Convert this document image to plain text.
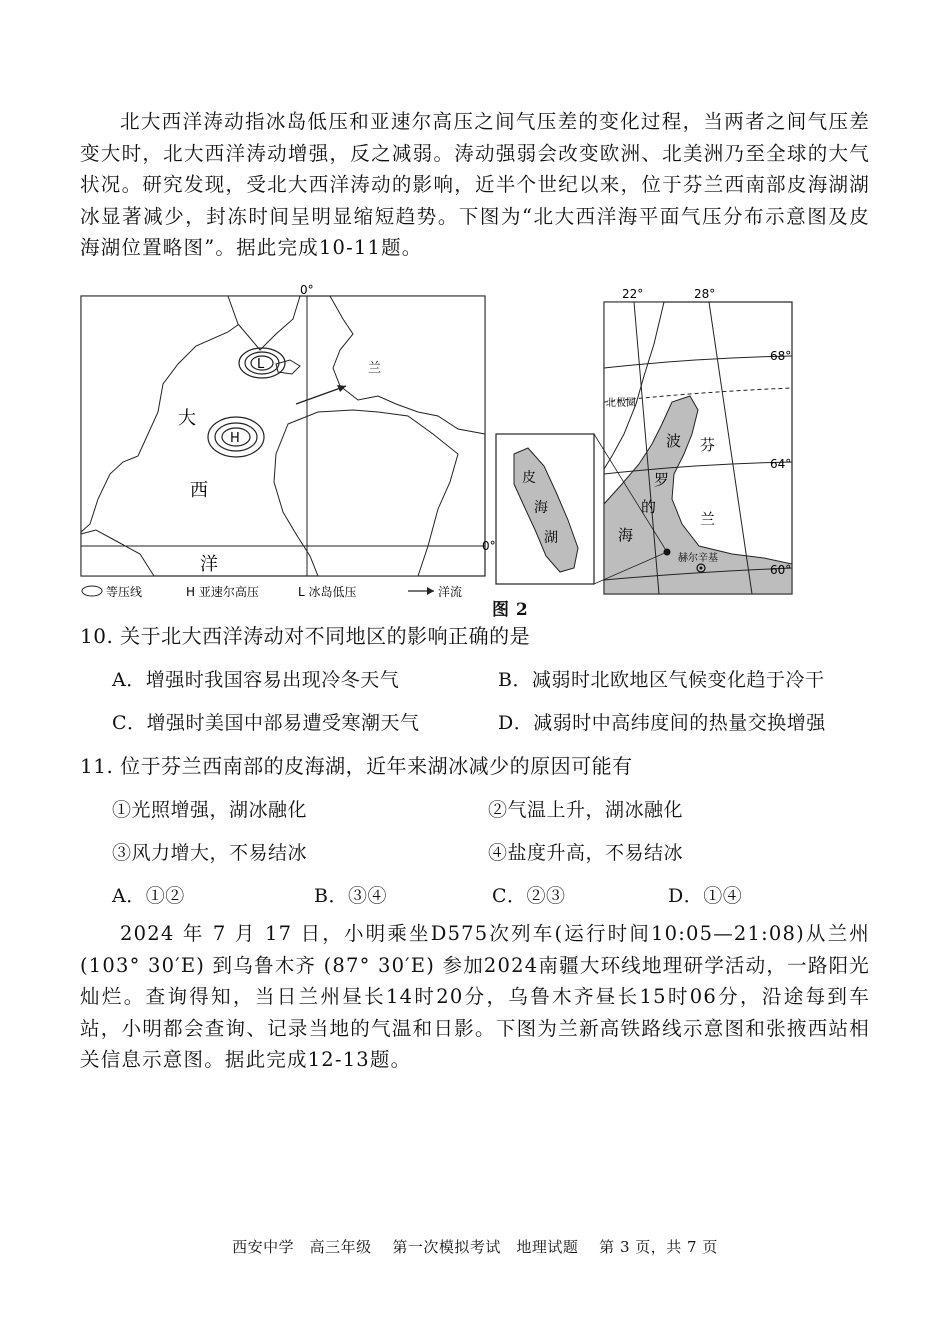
北大西洋涛动指冰岛低压和亚速尔高压之间气压差的变化过程，当两者之间气压差变大时，北大西洋涛动增强，反之减弱。涛动强弱会改变欧洲、北美洲乃至全球的大气状况。研究发现，受北大西洋涛动的影响，近半个世纪以来，位于芬兰西南部皮海湖湖冰显著减少，封冻时间呈明显缩短趋势。下图为“北大西洋海平面气压分布示意图及皮海湖位置略图”。据此完成10-11题。

0°
0°
L
H
大
西
洋
兰
等压线	H 亚速尔高压	L 冰岛低压	洋流
北极圈
22°	28°
68°
64°
60°
波
罗
的
海
芬
兰
赫尔辛基
皮
海
湖
图 2
10. 关于北大西洋涛动对不同地区的影响正确的是
A．增强时我国容易出现冷冬天气	B．减弱时北欧地区气候变化趋于冷干
C．增强时美国中部易遭受寒潮天气	D．减弱时中高纬度间的热量交换增强
11. 位于芬兰西南部的皮海湖，近年来湖冰减少的原因可能有
①光照增强，湖冰融化	②气温上升，湖冰融化
③风力增大，不易结冰	④盐度升高，不易结冰
A．①②	B．③④	C．②③	D．①④

2024 年 7 月 17 日，小明乘坐D575次列车(运行时间10:05—21:08)从兰州(103° 30′E) 到乌鲁木齐 (87° 30′E) 参加2024南疆大环线地理研学活动，一路阳光灿烂。查询得知，当日兰州昼长14时20分，乌鲁木齐昼长15时06分，沿途每到车站，小明都会查询、记录当地的气温和日影。下图为兰新高铁路线示意图和张掖西站相关信息示意图。据此完成12-13题。

西安中学　高三年级　 第一次模拟考试　地理试题　 第 3 页，共 7 页
